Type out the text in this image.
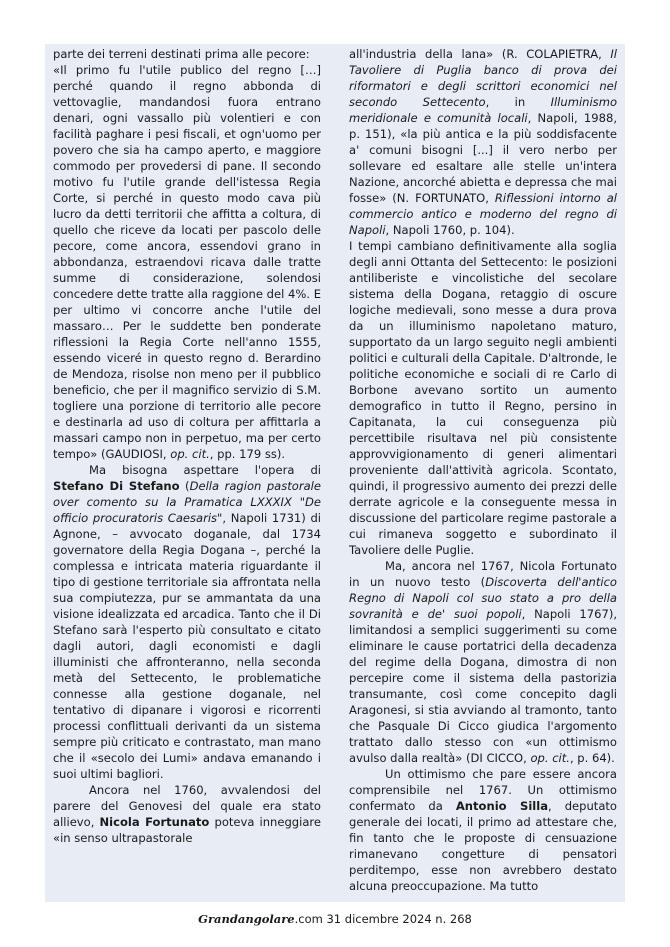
parte dei terreni destinati prima alle pecore:

«Il primo fu l'utile publico del regno […] perché quando il regno abbonda di vettovaglie, mandandosi fuora entrano denari, ogni vassallo più volentieri e con facilità paghare i pesi fiscali, et ogn'uomo per povero che sia ha campo aperto, e maggiore commodo per provedersi di pane. Il secondo motivo fu l'utile grande dell'istessa Regia Corte, si perché in questo modo cava più lucro da detti territorii che affitta a coltura, di quello che riceve da locati per pascolo delle pecore, come ancora, essendovi grano in abbondanza, estraendovi ricava dalle tratte summe di considerazione, solendosi concedere dette tratte alla raggione del 4%. E per ultimo vi concorre anche l'utile del massaro… Per le suddette ben ponderate riflessioni la Regia Corte nell'anno 1555, essendo viceré in questo regno d. Berardino de Mendoza, risolse non meno per il pubblico beneficio, che per il magnifico servizio di S.M. togliere una porzione di territorio alle pecore e destinarla ad uso di coltura per affittarla a massari campo non in perpetuo, ma per certo tempo» (GAUDIOSI, op. cit., pp. 179 ss).

Ma bisogna aspettare l'opera di Stefano Di Stefano (Della ragion pastorale over comento su la Pramatica LXXXIX "De officio procuratoris Caesaris", Napoli 1731) di Agnone, – avvocato doganale, dal 1734 governatore della Regia Dogana –, perché la complessa e intricata materia riguardante il tipo di gestione territoriale sia affrontata nella sua compiutezza, pur se ammantata da una visione idealizzata ed arcadica. Tanto che il Di Stefano sarà l'esperto più consultato e citato dagli autori, dagli economisti e dagli illuministi che affronteranno, nella seconda metà del Settecento, le problematiche connesse alla gestione doganale, nel tentativo di dipanare i vigorosi e ricorrenti processi conflittuali derivanti da un sistema sempre più criticato e contrastato, man mano che il «secolo dei Lumi» andava emanando i suoi ultimi bagliori.

Ancora nel 1760, avvalendosi del parere del Genovesi del quale era stato allievo, Nicola Fortunato poteva inneggiare «in senso ultrapastorale

all'industria della lana» (R. COLAPIETRA, Il Tavoliere di Puglia banco di prova dei riformatori e degli scrittori economici nel secondo Settecento, in Illuminismo meridionale e comunità locali, Napoli, 1988, p. 151), «la più antica e la più soddisfacente a' comuni bisogni [...] il vero nerbo per sollevare ed esaltare alle stelle un'intera Nazione, ancorché abietta e depressa che mai fosse» (N. FORTUNATO, Riflessioni intorno al commercio antico e moderno del regno di Napoli, Napoli 1760, p. 104).

I tempi cambiano definitivamente alla soglia degli anni Ottanta del Settecento: le posizioni antiliberiste e vincolistiche del secolare sistema della Dogana, retaggio di oscure logiche medievali, sono messe a dura prova da un illuminismo napoletano maturo, supportato da un largo seguito negli ambienti politici e culturali della Capitale. D'altronde, le politiche economiche e sociali di re Carlo di Borbone avevano sortito un aumento demografico in tutto il Regno, persino in Capitanata, la cui conseguenza più percettibile risultava nel più consistente approvvigionamento di generi alimentari proveniente dall'attività agricola. Scontato, quindi, il progressivo aumento dei prezzi delle derrate agricole e la conseguente messa in discussione del particolare regime pastorale a cui rimaneva soggetto e subordinato il Tavoliere delle Puglie.

Ma, ancora nel 1767, Nicola Fortunato in un nuovo testo (Discoverta dell'antico Regno di Napoli col suo stato a pro della sovranità e de' suoi popoli, Napoli 1767), limitandosi a semplici suggerimenti su come eliminare le cause portatrici della decadenza del regime della Dogana, dimostra di non percepire come il sistema della pastorizia transumante, così come concepito dagli Aragonesi, si stia avviando al tramonto, tanto che Pasquale Di Cicco giudica l'argomento trattato dallo stesso con «un ottimismo avulso dalla realtà» (DI CICCO, op. cit., p. 64).

Un ottimismo che pare essere ancora comprensibile nel 1767. Un ottimismo confermato da Antonio Silla, deputato generale dei locati, il primo ad attestare che, fin tanto che le proposte di censuazione rimanevano congetture di pensatori perditempo, esse non avrebbero destato alcuna preoccupazione. Ma tutto

Grandangolare.com 31 dicembre 2024 n. 268
